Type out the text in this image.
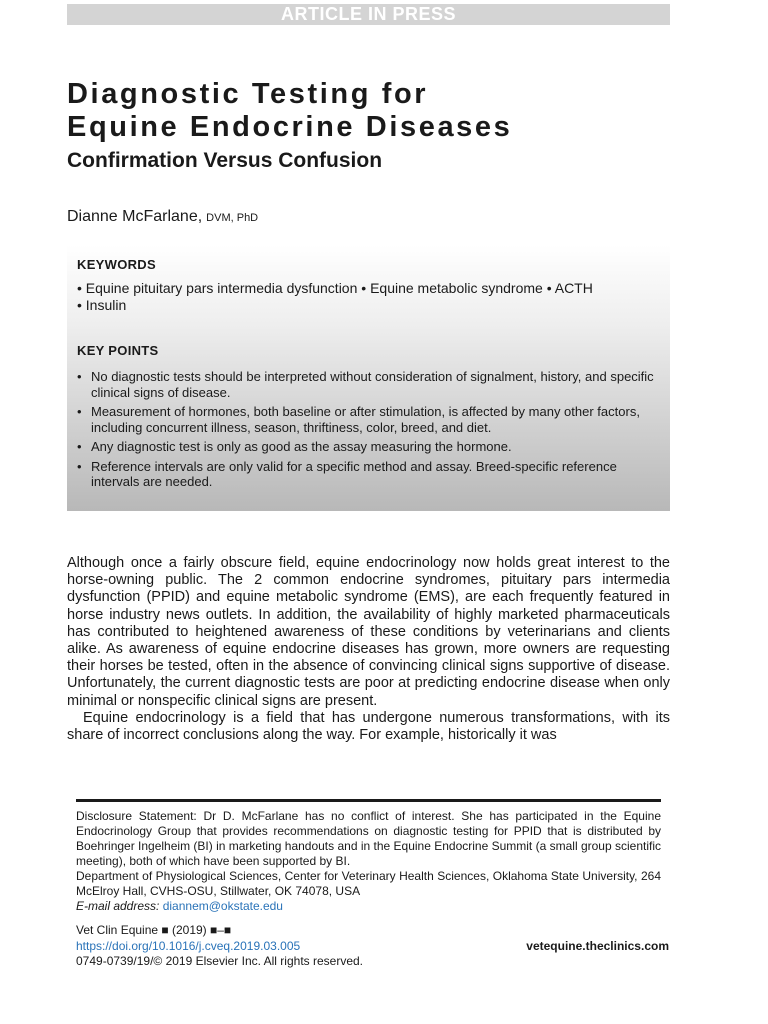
ARTICLE IN PRESS
Diagnostic Testing for
Equine Endocrine Diseases
Confirmation Versus Confusion
Dianne McFarlane, DVM, PhD
KEYWORDS
• Equine pituitary pars intermedia dysfunction • Equine metabolic syndrome • ACTH
• Insulin
KEY POINTS
• No diagnostic tests should be interpreted without consideration of signalment, history, and specific clinical signs of disease.
• Measurement of hormones, both baseline or after stimulation, is affected by many other factors, including concurrent illness, season, thriftiness, color, breed, and diet.
• Any diagnostic test is only as good as the assay measuring the hormone.
• Reference intervals are only valid for a specific method and assay. Breed-specific reference intervals are needed.

Although once a fairly obscure field, equine endocrinology now holds great interest to the horse-owning public. The 2 common endocrine syndromes, pituitary pars intermedia dysfunction (PPID) and equine metabolic syndrome (EMS), are each frequently featured in horse industry news outlets. In addition, the availability of highly marketed pharmaceuticals has contributed to heightened awareness of these conditions by veterinarians and clients alike. As awareness of equine endocrine diseases has grown, more owners are requesting their horses be tested, often in the absence of convincing clinical signs supportive of disease. Unfortunately, the current diagnostic tests are poor at predicting endocrine disease when only minimal or nonspecific clinical signs are present.

Equine endocrinology is a field that has undergone numerous transformations, with its share of incorrect conclusions along the way. For example, historically it was

Disclosure Statement: Dr D. McFarlane has no conflict of interest. She has participated in the Equine Endocrinology Group that provides recommendations on diagnostic testing for PPID that is distributed by Boehringer Ingelheim (BI) in marketing handouts and in the Equine Endocrine Summit (a small group scientific meeting), both of which have been supported by BI.

Department of Physiological Sciences, Center for Veterinary Health Sciences, Oklahoma State University, 264 McElroy Hall, CVHS-OSU, Stillwater, OK 74078, USA

E-mail address: diannem@okstate.edu

Vet Clin Equine ■ (2019) ■–■
https://doi.org/10.1016/j.cveq.2019.03.005
0749-0739/19/© 2019 Elsevier Inc. All rights reserved.
vetequine.theclinics.com
